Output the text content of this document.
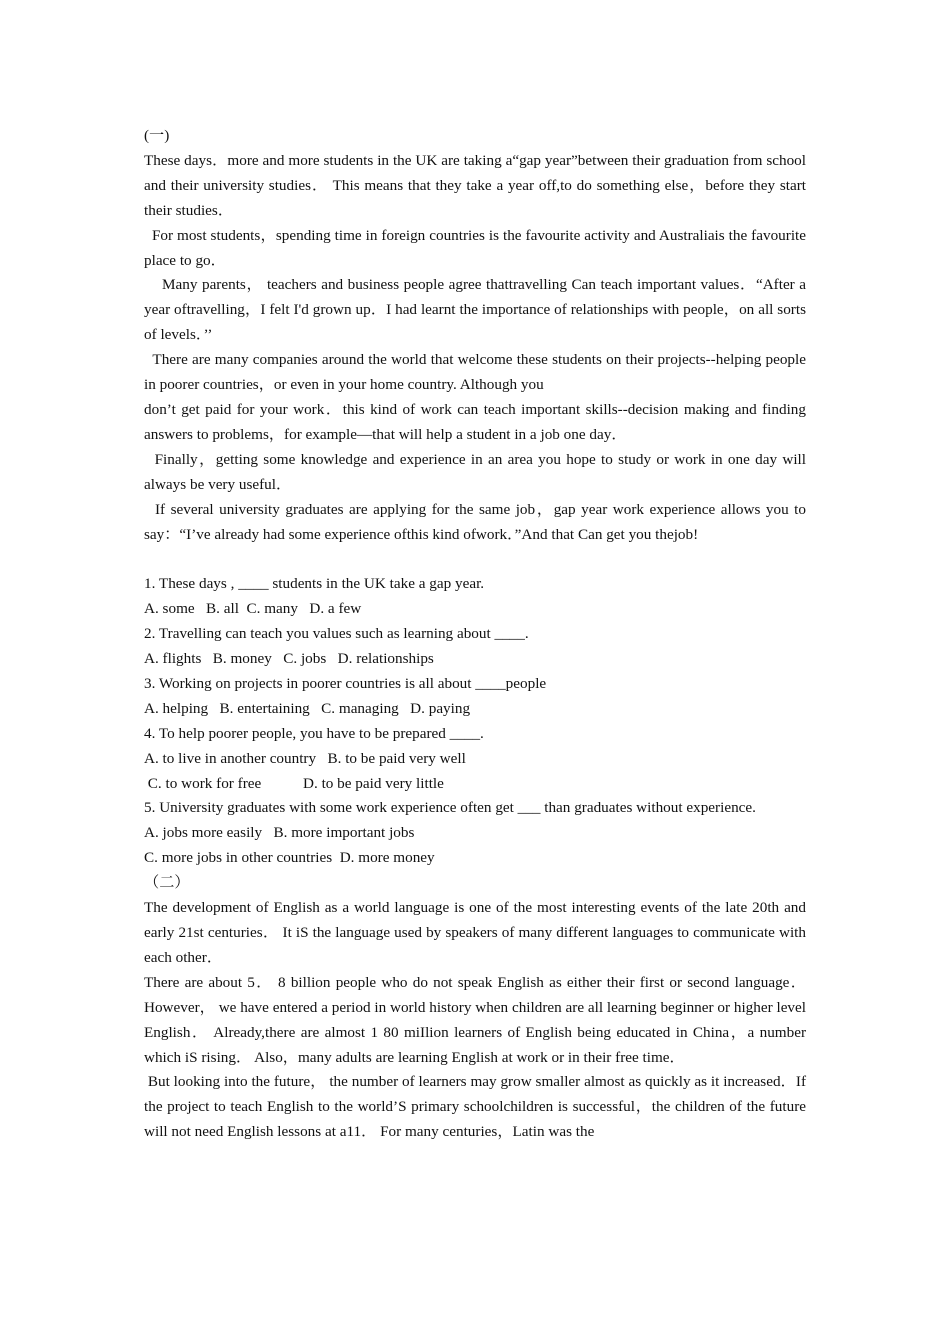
(一)

These days．more and more students in the UK are taking a“gap year”between their graduation from school and their university studies． This means that they take a year off,to do something else，before they start their studies．

For most students，spending time in foreign countries is the favourite activity and Australiais the favourite place to go．

Many parents， teachers and business people agree thattravelling Can teach important values．“After a year oftravelling，I felt I'd grown up．I had learnt the importance of relationships with people，on all sorts of levels．’’

There are many companies around the world that welcome these students on their projects--helping people in poorer countries，or even in your home country. Although you

don’t get paid for your work．this kind of work can teach important skills--decision making and finding answers to problems，for example—that will help a student in a job one day．

Finally，getting some knowledge and experience in an area you hope to study or work in one day will always be very useful．

If several university graduates are applying for the same job，gap year work experience allows you to say：“I’ve already had some experience ofthis kind ofwork．”And that Can get you thejob!

1. These days , ____ students in the UK take a gap year.

A. some   B. all  C. many   D. a few

2. Travelling can teach you values such as learning about ____.

A. flights   B. money   C. jobs   D. relationships

3. Working on projects in poorer countries is all about ____people

A. helping   B. entertaining   C. managing   D. paying

4. To help poorer people, you have to be prepared ____.

A. to live in another country   B. to be paid very well

C. to work for free           D. to be paid very little

5. University graduates with some work experience often get ___ than graduates without experience.

A. jobs more easily   B. more important jobs

C. more jobs in other countries  D. more money

（二）

The development of English as a world language is one of the most interesting events of the late 20th and early 21st centuries． It iS the language used by speakers of many different languages to communicate with each other．

There are about 5． 8 billion people who do not speak English as either their first or second language． However， we have entered a period in world history when children are all learning beginner or higher level English． Already,there are almost 1 80 miIlion learners of English being educated in China，a number which iS rising． Also，many adults are learning English at work or in their free time．

But looking into the future， the number of learners may grow smaller almost as quickly as it increased．If the project to teach English to the world’S primary schoolchildren is successful，the children of the future will not need English lessons at a11． For many centuries，Latin was the
